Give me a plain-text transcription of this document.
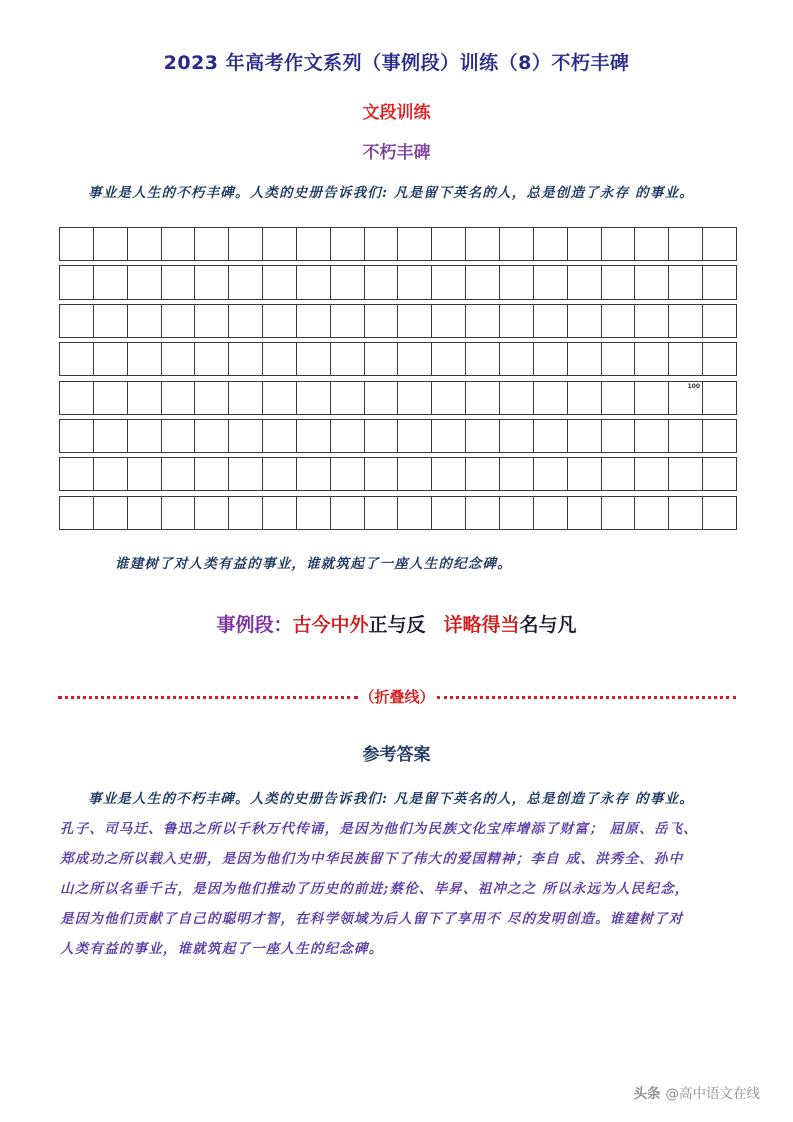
2023 年高考作文系列（事例段）训练（8）不朽丰碑
文段训练
不朽丰碑
事业是人生的不朽丰碑。人类的史册告诉我们: 凡是留下英名的人，总是创造了永存 的事业。
100
谁建树了对人类有益的事业，谁就筑起了一座人生的纪念碑。
事例段：古今中外正与反 详略得当名与凡
（折叠线）
参考答案
事业是人生的不朽丰碑。人类的史册告诉我们: 凡是留下英名的人，总是创造了永存 的事业。
孔子、司马迁、鲁迅之所以千秋万代传诵，是因为他们为民族文化宝库增添了财富； 屈原、岳飞、
郑成功之所以载入史册，是因为他们为中华民族留下了伟大的爱国精神；李自 成、洪秀全、孙中
山之所以名垂千古，是因为他们推动了历史的前进;蔡伦、毕昇、祖冲之之 所以永远为人民纪念，
是因为他们贡献了自己的聪明才智，在科学领域为后人留下了享用不 尽的发明创造。谁建树了对
人类有益的事业，谁就筑起了一座人生的纪念碑。
头条 @高中语文在线
